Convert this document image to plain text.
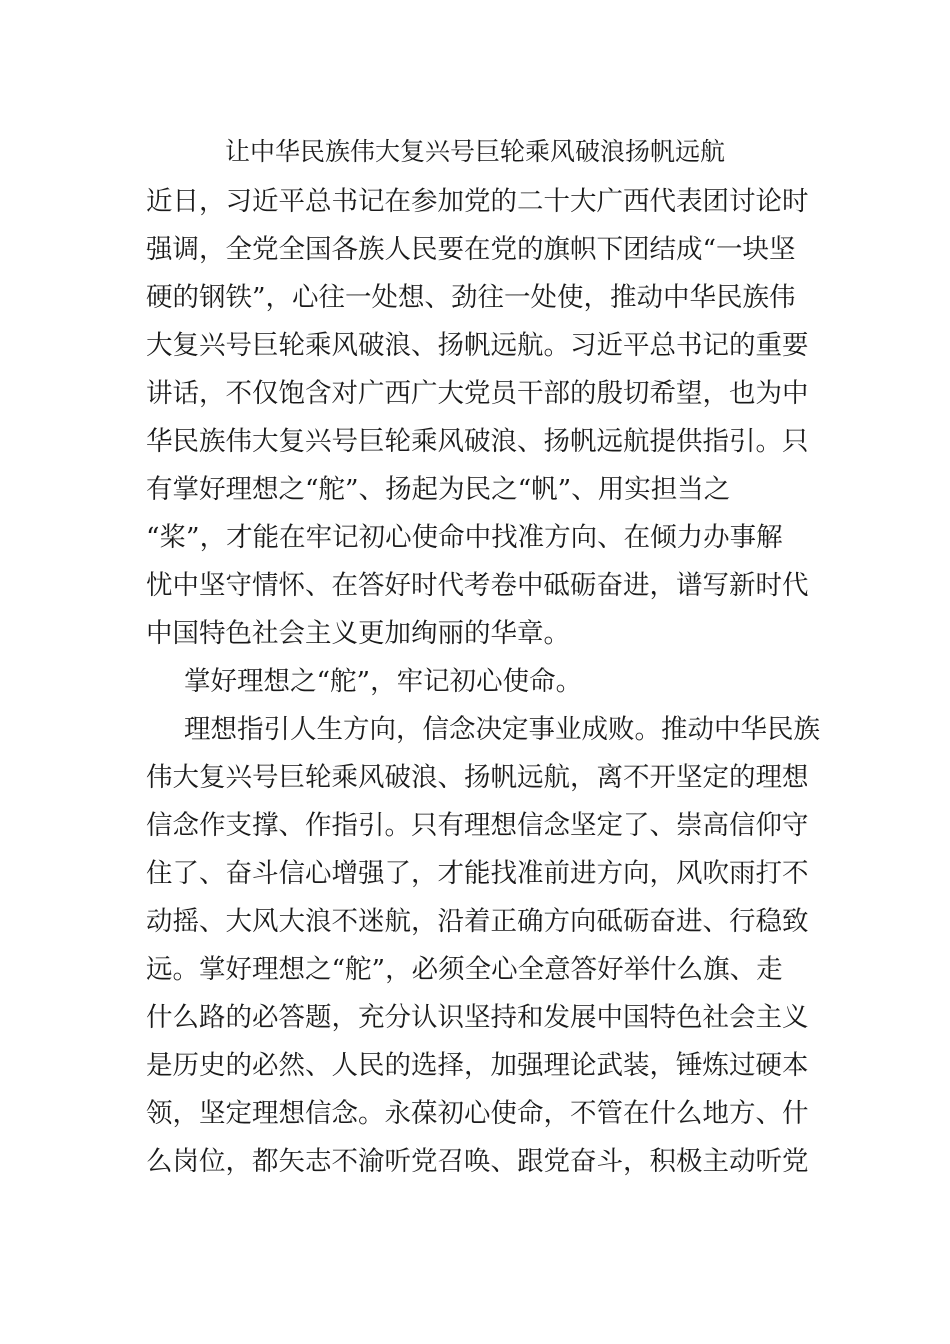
让中华民族伟大复兴号巨轮乘风破浪扬帆远航
近日，习近平总书记在参加党的二十大广西代表团讨论时
强调，全党全国各族人民要在党的旗帜下团结成“一块坚
硬的钢铁”，心往一处想、劲往一处使，推动中华民族伟
大复兴号巨轮乘风破浪、扬帆远航。习近平总书记的重要
讲话，不仅饱含对广西广大党员干部的殷切希望，也为中
华民族伟大复兴号巨轮乘风破浪、扬帆远航提供指引。只
有掌好理想之“舵”、扬起为民之“帆”、用实担当之
“桨”，才能在牢记初心使命中找准方向、在倾力办事解
忧中坚守情怀、在答好时代考卷中砥砺奋进，谱写新时代
中国特色社会主义更加绚丽的华章。
掌好理想之“舵”，牢记初心使命。
理想指引人生方向，信念决定事业成败。推动中华民族
伟大复兴号巨轮乘风破浪、扬帆远航，离不开坚定的理想
信念作支撑、作指引。只有理想信念坚定了、崇高信仰守
住了、奋斗信心增强了，才能找准前进方向，风吹雨打不
动摇、大风大浪不迷航，沿着正确方向砥砺奋进、行稳致
远。掌好理想之“舵”，必须全心全意答好举什么旗、走
什么路的必答题，充分认识坚持和发展中国特色社会主义
是历史的必然、人民的选择，加强理论武装，锤炼过硬本
领，坚定理想信念。永葆初心使命，不管在什么地方、什
么岗位，都矢志不渝听党召唤、跟党奋斗，积极主动听党
